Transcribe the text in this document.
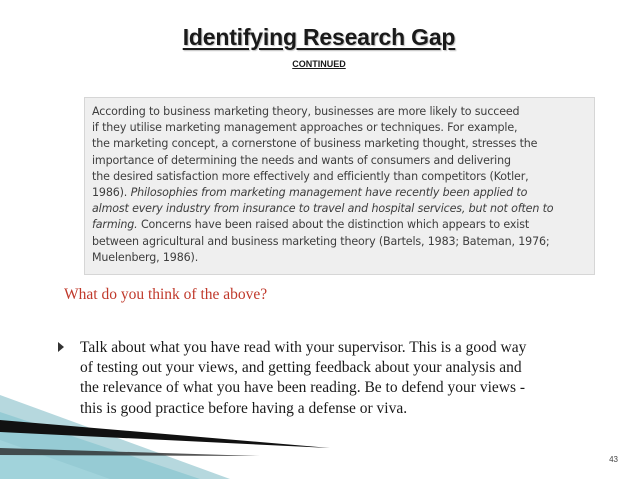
Identifying Research Gap
CONTINUED
According to business marketing theory, businesses are more likely to succeed
if they utilise marketing management approaches or techniques. For example,
the marketing concept, a cornerstone of business marketing thought, stresses the
importance of determining the needs and wants of consumers and delivering
the desired satisfaction more effectively and efficiently than competitors (Kotler,
1986). Philosophies from marketing management have recently been applied to
almost every industry from insurance to travel and hospital services, but not often to
farming. Concerns have been raised about the distinction which appears to exist
between agricultural and business marketing theory (Bartels, 1983; Bateman, 1976;
Muelenberg, 1986).
What do you think of the above?
Talk about what you have read with your supervisor. This is a good way
of testing out your views, and getting feedback about your analysis and
the relevance of what you have been reading. Be to defend your views -
this is good practice before having a defense or viva.
43
